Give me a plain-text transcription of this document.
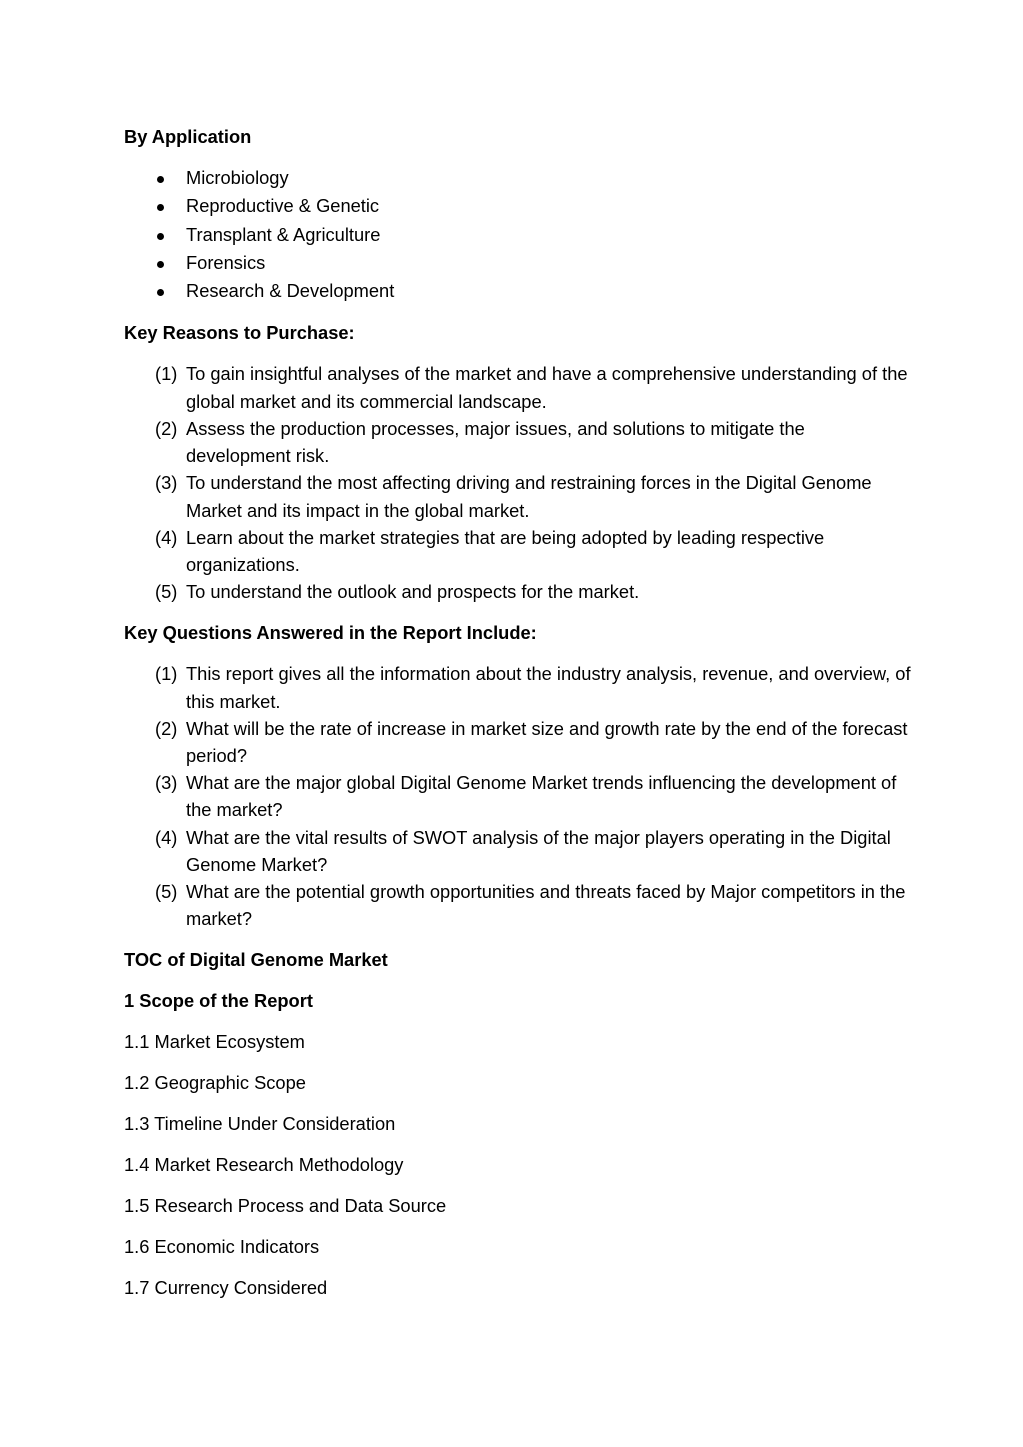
By Application
Microbiology
Reproductive & Genetic
Transplant & Agriculture
Forensics
Research & Development
Key Reasons to Purchase:
(1) To gain insightful analyses of the market and have a comprehensive understanding of the global market and its commercial landscape.
(2) Assess the production processes, major issues, and solutions to mitigate the development risk.
(3) To understand the most affecting driving and restraining forces in the Digital Genome Market and its impact in the global market.
(4) Learn about the market strategies that are being adopted by leading respective organizations.
(5) To understand the outlook and prospects for the market.
Key Questions Answered in the Report Include:
(1) This report gives all the information about the industry analysis, revenue, and overview, of this market.
(2) What will be the rate of increase in market size and growth rate by the end of the forecast period?
(3) What are the major global Digital Genome Market trends influencing the development of the market?
(4) What are the vital results of SWOT analysis of the major players operating in the Digital Genome Market?
(5) What are the potential growth opportunities and threats faced by Major competitors in the market?
TOC of Digital Genome Market
1 Scope of the Report
1.1 Market Ecosystem
1.2 Geographic Scope
1.3 Timeline Under Consideration
1.4 Market Research Methodology
1.5 Research Process and Data Source
1.6 Economic Indicators
1.7 Currency Considered
